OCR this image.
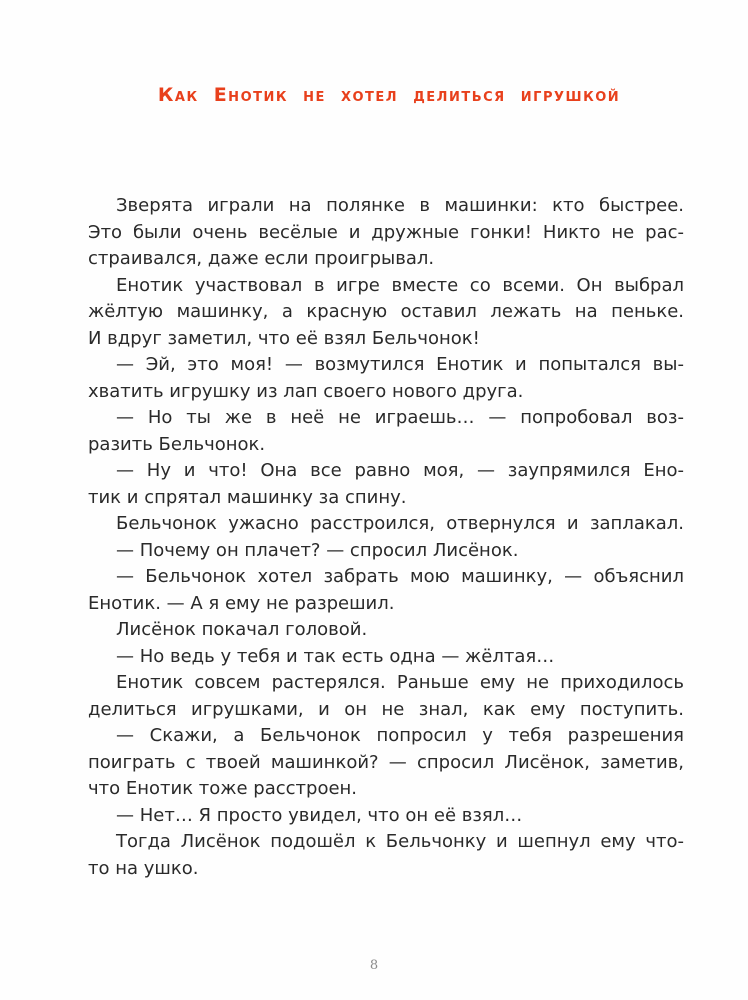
Как Енотик не хотел делиться игрушкой
Зверята играли на полянке в машинки: кто быстрее.
Это были очень весёлые и дружные гонки! Никто не рас-
страивался, даже если проигрывал.
Енотик участвовал в игре вместе со всеми. Он выбрал
жёлтую машинку, а красную оставил лежать на пеньке.
И вдруг заметил, что её взял Бельчонок!
— Эй, это моя! — возмутился Енотик и попытался вы-
хватить игрушку из лап своего нового друга.
— Но ты же в неё не играешь… — попробовал воз-
разить Бельчонок.
— Ну и что! Она все равно моя, — заупрямился Ено-
тик и спрятал машинку за спину.
Бельчонок ужасно расстроился, отвернулся и заплакал.
— Почему он плачет? — спросил Лисёнок.
— Бельчонок хотел забрать мою машинку, — объяснил
Енотик. — А я ему не разрешил.
Лисёнок покачал головой.
— Но ведь у тебя и так есть одна — жёлтая…
Енотик совсем растерялся. Раньше ему не приходилось
делиться игрушками, и он не знал, как ему поступить.
— Скажи, а Бельчонок попросил у тебя разрешения
поиграть с твоей машинкой? — спросил Лисёнок, заметив,
что Енотик тоже расстроен.
— Нет… Я просто увидел, что он её взял…
Тогда Лисёнок подошёл к Бельчонку и шепнул ему что-
то на ушко.
8
